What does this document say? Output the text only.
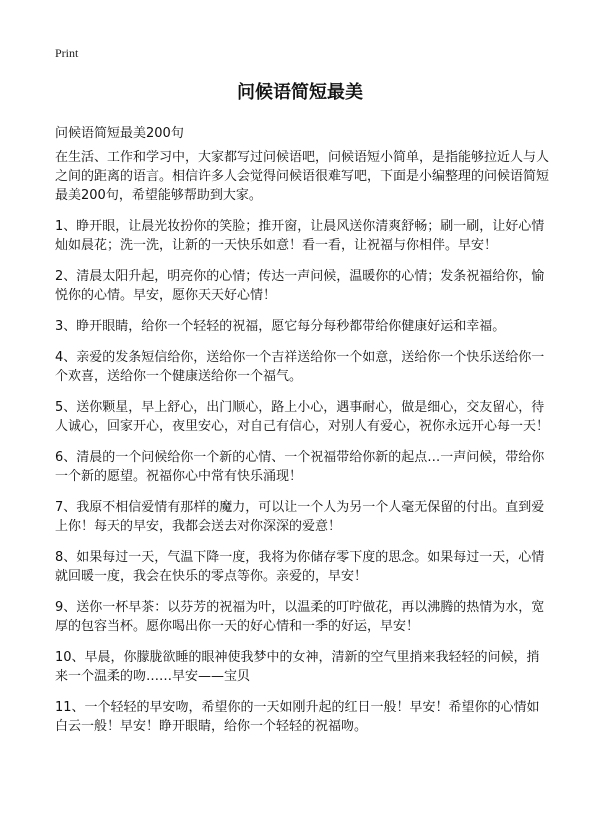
Print
问候语简短最美
问候语简短最美200句

在生活、工作和学习中，大家都写过问候语吧，问候语短小简单，是指能够拉近人与人之间的距离的语言。相信许多人会觉得问候语很难写吧，下面是小编整理的问候语简短最美200句，希望能够帮助到大家。

1、睁开眼，让晨光妆扮你的笑脸；推开窗，让晨风送你清爽舒畅；刷一刷，让好心情灿如晨花；洗一洗，让新的一天快乐如意！看一看，让祝福与你相伴。早安！

2、清晨太阳升起，明亮你的心情；传达一声问候，温暖你的心情；发条祝福给你，愉悦你的心情。早安，愿你天天好心情！

3、睁开眼睛，给你一个轻轻的祝福，愿它每分每秒都带给你健康好运和幸福。

4、亲爱的发条短信给你，送给你一个吉祥送给你一个如意，送给你一个快乐送给你一个欢喜，送给你一个健康送给你一个福气。

5、送你颗星，早上舒心，出门顺心，路上小心，遇事耐心，做是细心，交友留心，待人诚心，回家开心，夜里安心，对自己有信心，对别人有爱心，祝你永远开心每一天！

6、清晨的一个问候给你一个新的心情、一个祝福带给你新的起点…一声问候，带给你一个新的愿望。祝福你心中常有快乐涌现！

7、我原不相信爱情有那样的魔力，可以让一个人为另一个人毫无保留的付出。直到爱上你！每天的早安，我都会送去对你深深的爱意！

8、如果每过一天，气温下降一度，我将为你储存零下度的思念。如果每过一天，心情就回暖一度，我会在快乐的零点等你。亲爱的，早安！

9、送你一杯早茶：以芬芳的祝福为叶，以温柔的叮咛做花，再以沸腾的热情为水，宽厚的包容当杯。愿你喝出你一天的好心情和一季的好运，早安！

10、早晨，你朦胧欲睡的眼神使我梦中的女神，清新的空气里捎来我轻轻的问候，捎来一个温柔的吻……早安——宝贝

11、一个轻轻的早安吻，希望你的一天如刚升起的红日一般！早安！希望你的心情如白云一般！早安！睁开眼睛，给你一个轻轻的祝福吻。
